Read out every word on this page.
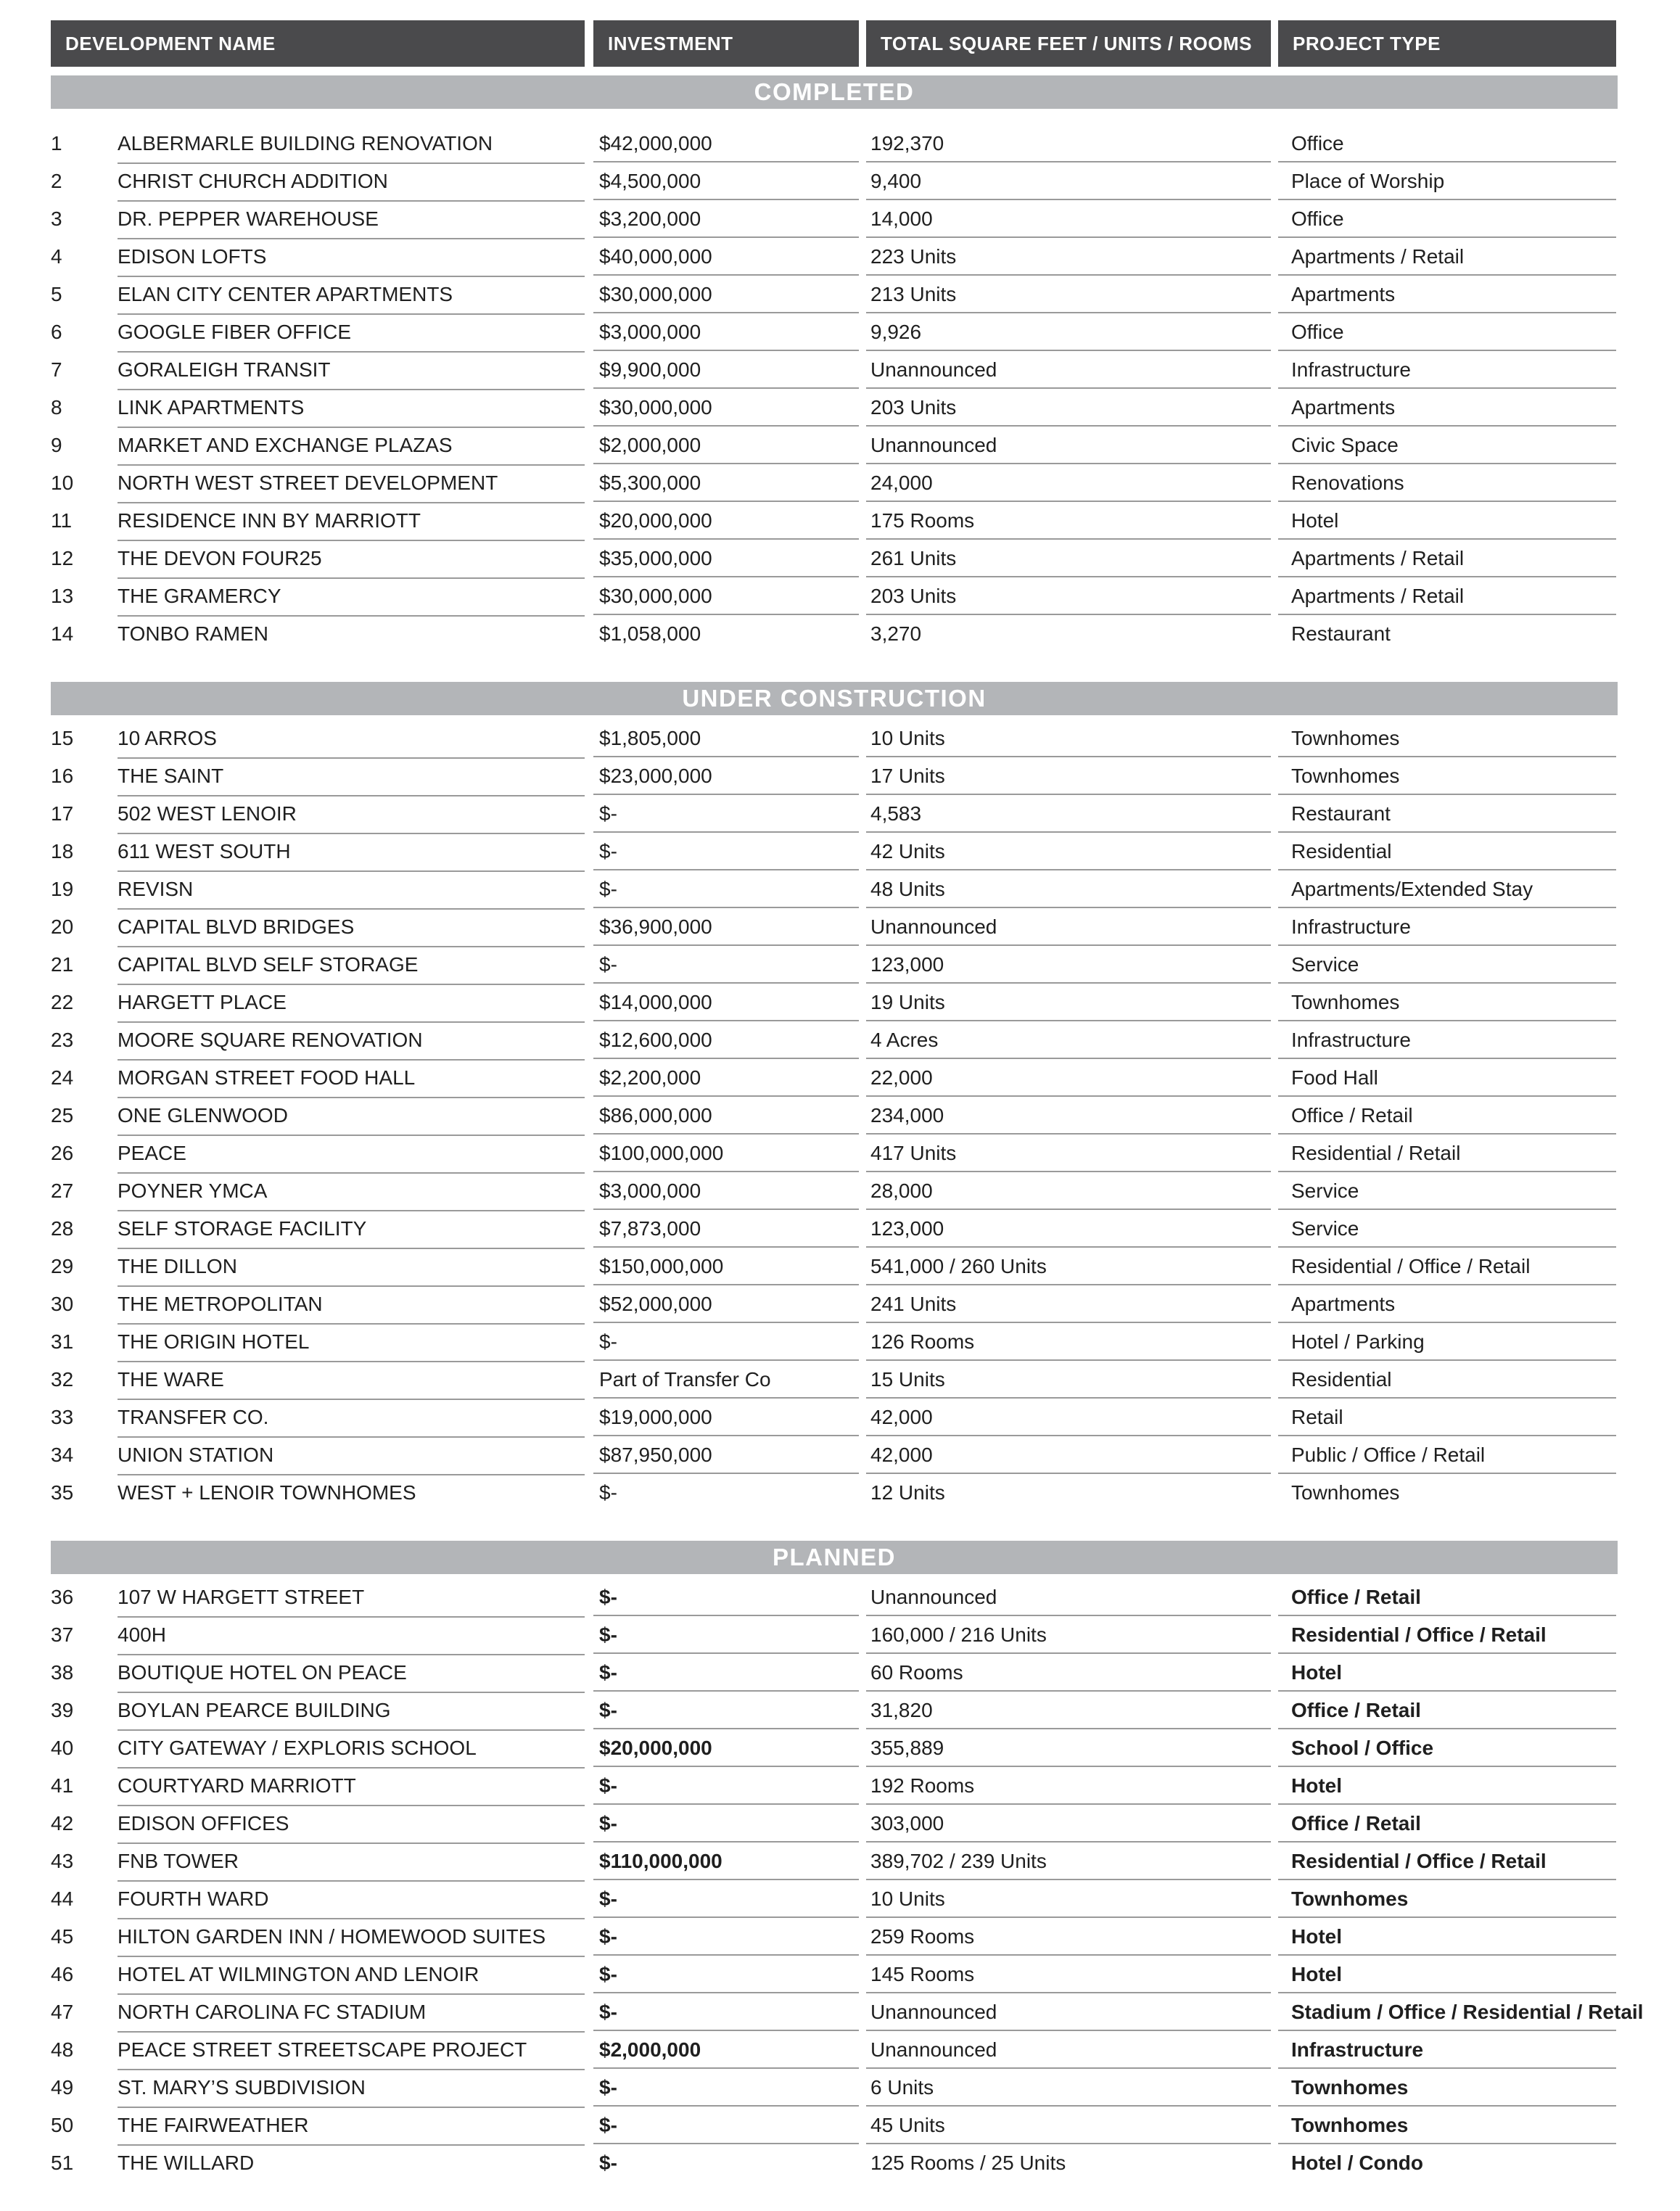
DEVELOPMENT NAME	INVESTMENT	TOTAL SQUARE FEET / UNITS / ROOMS	PROJECT TYPE
COMPLETED
1	ALBERMARLE BUILDING RENOVATION	$42,000,000	192,370	Office
2	CHRIST CHURCH ADDITION	$4,500,000	9,400	Place of Worship
3	DR. PEPPER WAREHOUSE	$3,200,000	14,000	Office
4	EDISON LOFTS	$40,000,000	223 Units	Apartments / Retail
5	ELAN CITY CENTER APARTMENTS	$30,000,000	213 Units	Apartments
6	GOOGLE FIBER OFFICE	$3,000,000	9,926	Office
7	GORALEIGH TRANSIT	$9,900,000	Unannounced	Infrastructure
8	LINK APARTMENTS	$30,000,000	203 Units	Apartments
9	MARKET AND EXCHANGE PLAZAS	$2,000,000	Unannounced	Civic Space
10	NORTH WEST STREET DEVELOPMENT	$5,300,000	24,000	Renovations
11	RESIDENCE INN BY MARRIOTT	$20,000,000	175 Rooms	Hotel
12	THE DEVON FOUR25	$35,000,000	261 Units	Apartments / Retail
13	THE GRAMERCY	$30,000,000	203 Units	Apartments / Retail
14	TONBO RAMEN	$1,058,000	3,270	Restaurant
UNDER CONSTRUCTION
15	10 ARROS	$1,805,000	10 Units	Townhomes
16	THE SAINT	$23,000,000	17 Units	Townhomes
17	502 WEST LENOIR	$-	4,583	Restaurant
18	611 WEST SOUTH	$-	42 Units	Residential
19	REVISN	$-	48 Units	Apartments/Extended Stay
20	CAPITAL BLVD BRIDGES	$36,900,000	Unannounced	Infrastructure
21	CAPITAL BLVD SELF STORAGE	$-	123,000	Service
22	HARGETT PLACE	$14,000,000	19 Units	Townhomes
23	MOORE SQUARE RENOVATION	$12,600,000	4 Acres	Infrastructure
24	MORGAN STREET FOOD HALL	$2,200,000	22,000	Food Hall
25	ONE GLENWOOD	$86,000,000	234,000	Office / Retail
26	PEACE	$100,000,000	417 Units	Residential / Retail
27	POYNER YMCA	$3,000,000	28,000	Service
28	SELF STORAGE FACILITY	$7,873,000	123,000	Service
29	THE DILLON	$150,000,000	541,000 / 260 Units	Residential / Office / Retail
30	THE METROPOLITAN	$52,000,000	241 Units	Apartments
31	THE ORIGIN HOTEL	$-	126 Rooms	Hotel / Parking
32	THE WARE	Part of Transfer Co	15 Units	Residential
33	TRANSFER CO.	$19,000,000	42,000	Retail
34	UNION STATION	$87,950,000	42,000	Public / Office / Retail
35	WEST + LENOIR TOWNHOMES	$-	12 Units	Townhomes
PLANNED
36	107 W HARGETT STREET	$-	Unannounced	Office / Retail
37	400H	$-	160,000 / 216 Units	Residential / Office / Retail
38	BOUTIQUE HOTEL ON PEACE	$-	60 Rooms	Hotel
39	BOYLAN PEARCE BUILDING	$-	31,820	Office / Retail
40	CITY GATEWAY / EXPLORIS SCHOOL	$20,000,000	355,889	School / Office
41	COURTYARD MARRIOTT	$-	192 Rooms	Hotel
42	EDISON OFFICES	$-	303,000	Office / Retail
43	FNB TOWER	$110,000,000	389,702 / 239 Units	Residential / Office / Retail
44	FOURTH WARD	$-	10 Units	Townhomes
45	HILTON GARDEN INN / HOMEWOOD SUITES	$-	259 Rooms	Hotel
46	HOTEL AT WILMINGTON AND LENOIR	$-	145 Rooms	Hotel
47	NORTH CAROLINA FC STADIUM	$-	Unannounced	Stadium / Office / Residential / Retail
48	PEACE STREET STREETSCAPE PROJECT	$2,000,000	Unannounced	Infrastructure
49	ST. MARY’S SUBDIVISION	$-	6 Units	Townhomes
50	THE FAIRWEATHER	$-	45 Units	Townhomes
51	THE WILLARD	$-	125 Rooms / 25 Units	Hotel / Condo
